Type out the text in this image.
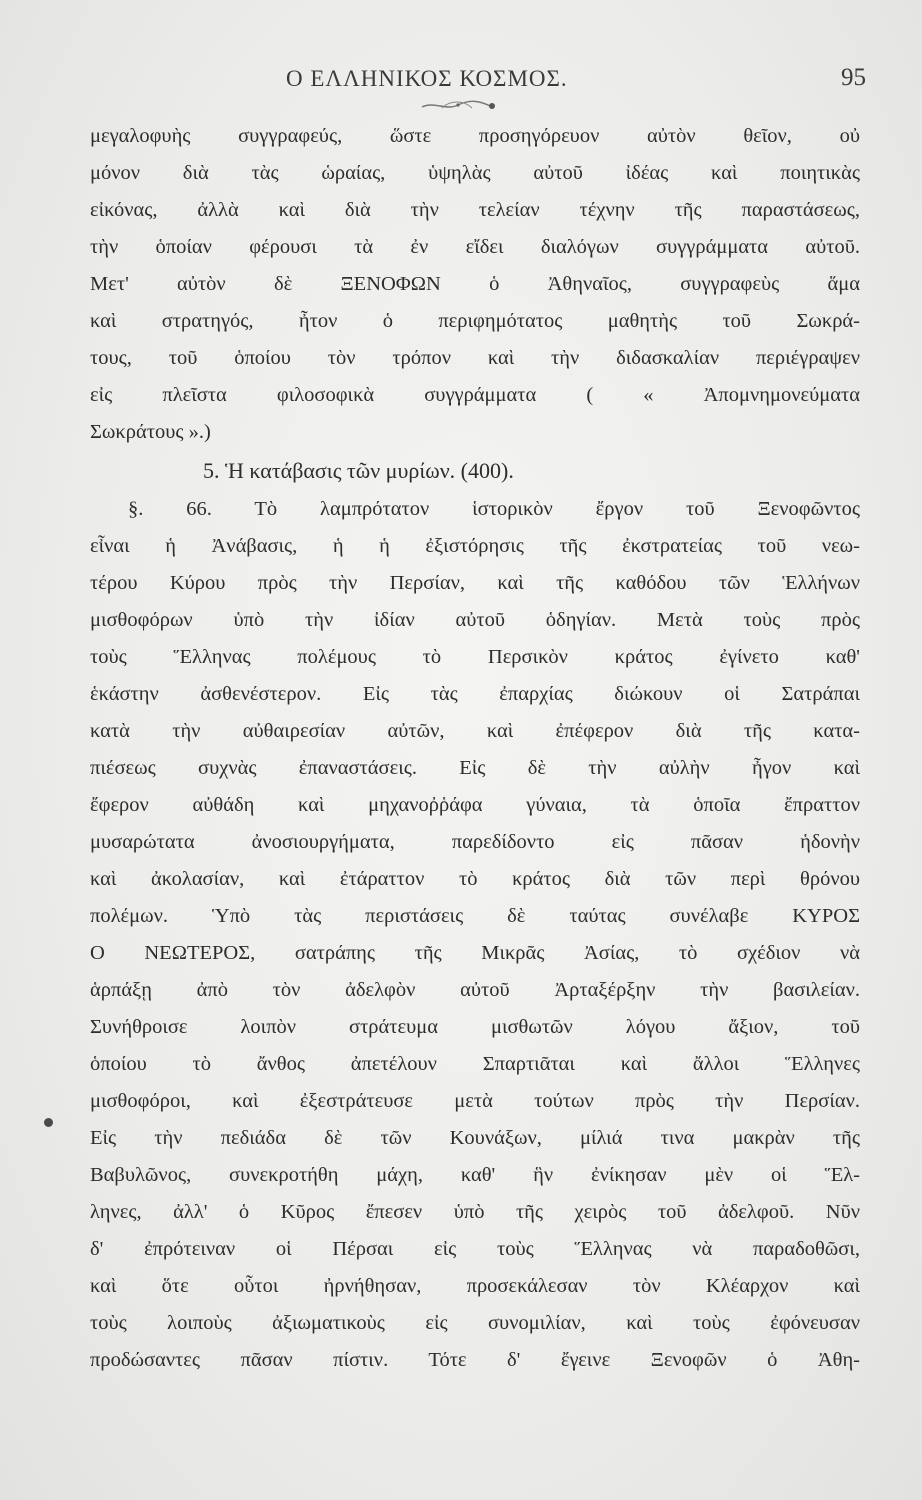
Ο ΕΛΛΗΝΙΚΟΣ ΚΟΣΜΟΣ.	95
μεγαλοφυὴς συγγραφεύς, ὥστε προσηγόρευον αὐτὸν θεῖον, οὐ
μόνον διὰ τὰς ὡραίας, ὑψηλὰς αὐτοῦ ἰδέας καὶ ποιητικὰς
εἰκόνας, ἀλλὰ καὶ διὰ τὴν τελείαν τέχνην τῆς παραστάσεως,
τὴν ὁποίαν φέρουσι τὰ ἐν εἴδει διαλόγων συγγράμματα αὐτοῦ.
Μετ' αὐτὸν δὲ ΞΕΝΟΦΩΝ ὁ Ἀθηναῖος, συγγραφεὺς ἅμα
καὶ στρατηγός, ἦτον ὁ περιφημότατος μαθητὴς τοῦ Σωκρά-
τους, τοῦ ὁποίου τὸν τρόπον καὶ τὴν διδασκαλίαν περιέγραψεν
εἰς πλεῖστα φιλοσοφικὰ συγγράμματα ( « Ἀπομνημονεύματα
Σωκράτους ».)
5. Ἡ κατάβασις τῶν μυρίων. (400).
§. 66. Τὸ λαμπρότατον ἱστορικὸν ἔργον τοῦ Ξενοφῶντος
εἶναι ἡ Ἀνάβασις, ἡ ἡ ἐξιστόρησις τῆς ἐκστρατείας τοῦ νεω-
τέρου Κύρου πρὸς τὴν Περσίαν, καὶ τῆς καθόδου τῶν Ἑλλήνων
μισθοφόρων ὑπὸ τὴν ἰδίαν αὐτοῦ ὁδηγίαν. Μετὰ τοὺς πρὸς
τοὺς Ἕλληνας πολέμους τὸ Περσικὸν κράτος ἐγίνετο καθ'
ἑκάστην ἀσθενέστερον. Εἰς τὰς ἐπαρχίας διώκουν οἱ Σατράπαι
κατὰ τὴν αὐθαιρεσίαν αὐτῶν, καὶ ἐπέφερον διὰ τῆς κατα-
πιέσεως συχνὰς ἐπαναστάσεις. Εἰς δὲ τὴν αὐλὴν ἦγον καὶ
ἔφερον αὐθάδη καὶ μηχανοῤῥάφα γύναια, τὰ ὁποῖα ἔπραττον
μυσαρώτατα ἀνοσιουργήματα, παρεδίδοντο εἰς πᾶσαν ἡδονὴν
καὶ ἀκολασίαν, καὶ ἐτάραττον τὸ κράτος διὰ τῶν περὶ θρόνου
πολέμων. Ὑπὸ τὰς περιστάσεις δὲ ταύτας συνέλαβε ΚΥΡΟΣ
Ο ΝΕΩΤΕΡΟΣ, σατράπης τῆς Μικρᾶς Ἀσίας, τὸ σχέδιον νὰ
ἁρπάξῃ ἀπὸ τὸν ἀδελφὸν αὐτοῦ Ἀρταξέρξην τὴν βασιλείαν.
Συνήθροισε λοιπὸν στράτευμα μισθωτῶν λόγου ἄξιον, τοῦ
ὁποίου τὸ ἄνθος ἀπετέλουν Σπαρτιᾶται καὶ ἄλλοι Ἕλληνες
μισθοφόροι, καὶ ἐξεστράτευσε μετὰ τούτων πρὸς τὴν Περσίαν.
Εἰς τὴν πεδιάδα δὲ τῶν Κουνάξων, μίλιά τινα μακρὰν τῆς
Βαβυλῶνος, συνεκροτήθη μάχη, καθ' ἣν ἐνίκησαν μὲν οἱ Ἕλ-
ληνες, ἀλλ' ὁ Κῦρος ἔπεσεν ὑπὸ τῆς χειρὸς τοῦ ἀδελφοῦ. Νῦν
δ' ἐπρότειναν οἱ Πέρσαι εἰς τοὺς Ἕλληνας νὰ παραδοθῶσι,
καὶ ὅτε οὗτοι ἠρνήθησαν, προσεκάλεσαν τὸν Κλέαρχον καὶ
τοὺς λοιποὺς ἀξιωματικοὺς εἰς συνομιλίαν, καὶ τοὺς ἐφόνευσαν
προδώσαντες πᾶσαν πίστιν. Τότε δ' ἔγεινε Ξενοφῶν ὁ Ἀθη-
